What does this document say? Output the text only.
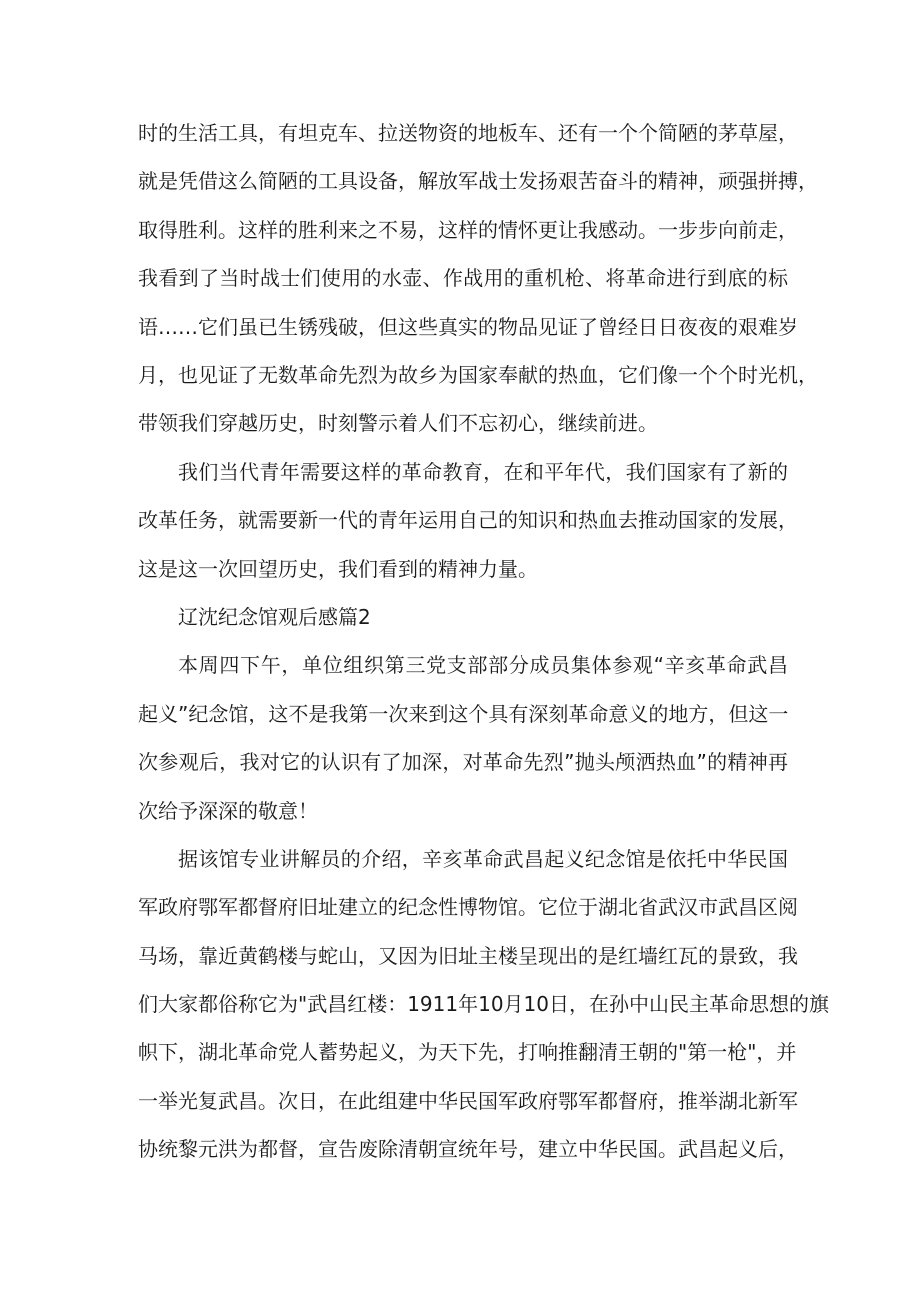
时的生活工具，有坦克车、拉送物资的地板车、还有一个个简陋的茅草屋，
就是凭借这么简陋的工具设备，解放军战士发扬艰苦奋斗的精神，顽强拼搏，
取得胜利。这样的胜利来之不易，这样的情怀更让我感动。一步步向前走，
我看到了当时战士们使用的水壶、作战用的重机枪、将革命进行到底的标
语……它们虽已生锈残破，但这些真实的物品见证了曾经日日夜夜的艰难岁
月，也见证了无数革命先烈为故乡为国家奉献的热血，它们像一个个时光机，
带领我们穿越历史，时刻警示着人们不忘初心，继续前进。
我们当代青年需要这样的革命教育，在和平年代，我们国家有了新的
改革任务，就需要新一代的青年运用自己的知识和热血去推动国家的发展，
这是这一次回望历史，我们看到的精神力量。
辽沈纪念馆观后感篇2
本周四下午，单位组织第三党支部部分成员集体参观“辛亥革命武昌
起义”纪念馆，这不是我第一次来到这个具有深刻革命意义的地方，但这一
次参观后，我对它的认识有了加深，对革命先烈”抛头颅洒热血”的精神再
次给予深深的敬意！
据该馆专业讲解员的介绍，辛亥革命武昌起义纪念馆是依托中华民国
军政府鄂军都督府旧址建立的纪念性博物馆。它位于湖北省武汉市武昌区阅
马场，靠近黄鹤楼与蛇山，又因为旧址主楼呈现出的是红墙红瓦的景致，我
们大家都俗称它为"武昌红楼：1911年10月10日，在孙中山民主革命思想的旗
帜下，湖北革命党人蓄势起义，为天下先，打响推翻清王朝的"第一枪"，并
一举光复武昌。次日，在此组建中华民国军政府鄂军都督府，推举湖北新军
协统黎元洪为都督，宣告废除清朝宣统年号，建立中华民国。武昌起义后，
